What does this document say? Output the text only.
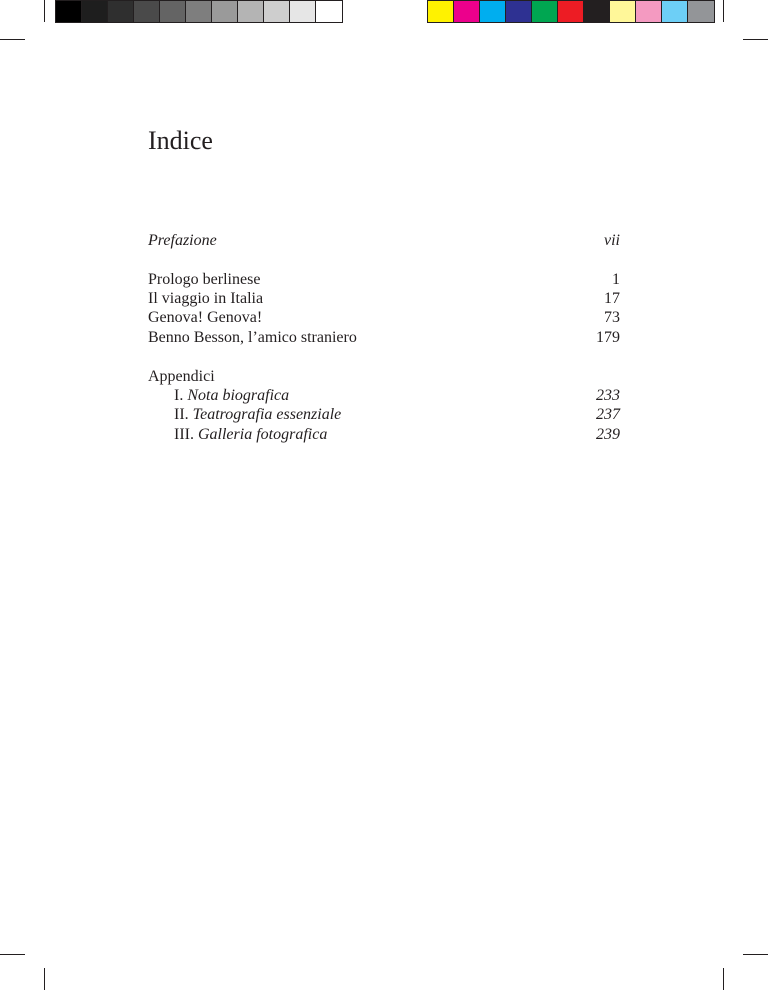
Indice
Prefazione	vii
Prologo berlinese	1
Il viaggio in Italia	17
Genova! Genova!	73
Benno Besson, l’amico straniero	179
Appendici
I. Nota biografica	233
II. Teatrografia essenziale	237
III. Galleria fotografica	239
